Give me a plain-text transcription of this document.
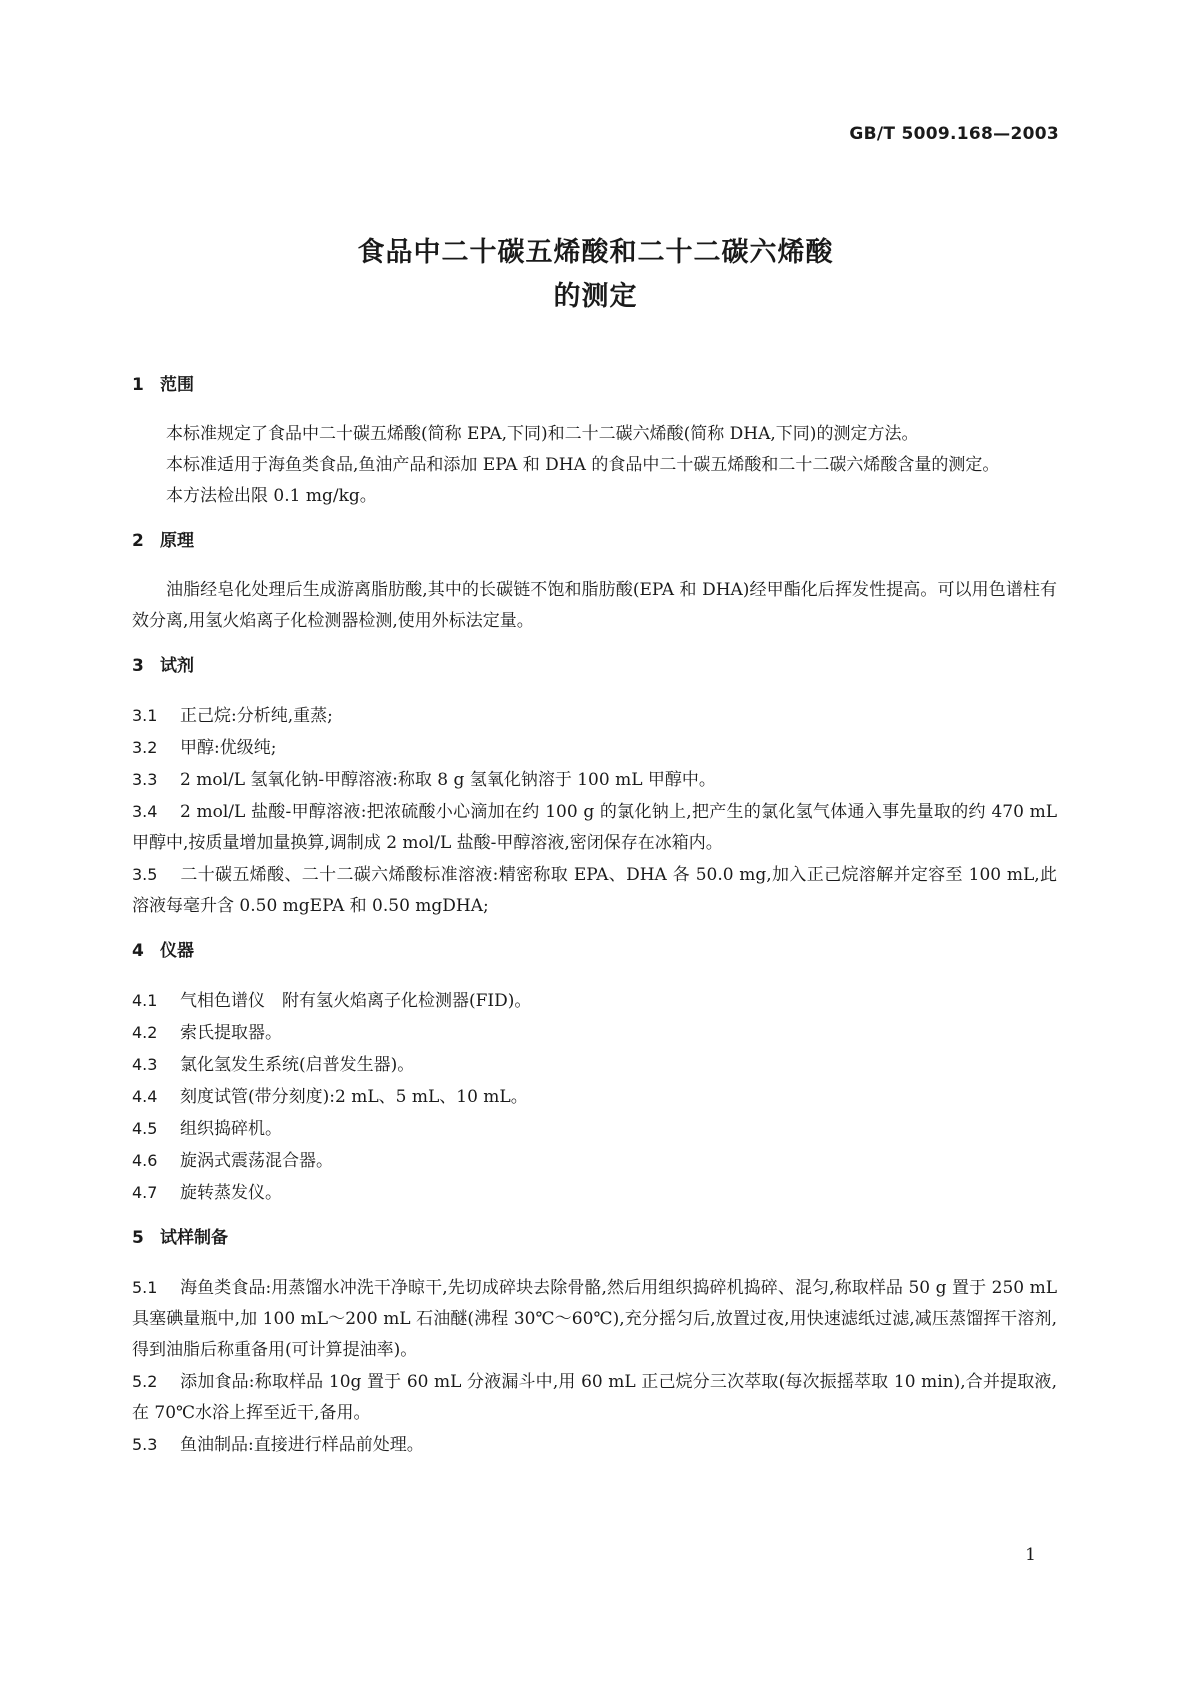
GB/T 5009.168—2003
食品中二十碳五烯酸和二十二碳六烯酸
的测定
1 范围
本标准规定了食品中二十碳五烯酸(简称 EPA,下同)和二十二碳六烯酸(简称 DHA,下同)的测定方法。
本标准适用于海鱼类食品,鱼油产品和添加 EPA 和 DHA 的食品中二十碳五烯酸和二十二碳六烯酸含量的测定。
本方法检出限 0.1 mg/kg。
2 原理
油脂经皂化处理后生成游离脂肪酸,其中的长碳链不饱和脂肪酸(EPA 和 DHA)经甲酯化后挥发性提高。可以用色谱柱有效分离,用氢火焰离子化检测器检测,使用外标法定量。
3 试剂
3.1 正己烷:分析纯,重蒸;
3.2 甲醇:优级纯;
3.3 2 mol/L 氢氧化钠-甲醇溶液:称取 8 g 氢氧化钠溶于 100 mL 甲醇中。
3.4 2 mol/L 盐酸-甲醇溶液:把浓硫酸小心滴加在约 100 g 的氯化钠上,把产生的氯化氢气体通入事先量取的约 470 mL 甲醇中,按质量增加量换算,调制成 2 mol/L 盐酸-甲醇溶液,密闭保存在冰箱内。
3.5 二十碳五烯酸、二十二碳六烯酸标准溶液:精密称取 EPA、DHA 各 50.0 mg,加入正己烷溶解并定容至 100 mL,此溶液每毫升含 0.50 mgEPA 和 0.50 mgDHA;
4 仪器
4.1 气相色谱仪　附有氢火焰离子化检测器(FID)。
4.2 索氏提取器。
4.3 氯化氢发生系统(启普发生器)。
4.4 刻度试管(带分刻度):2 mL、5 mL、10 mL。
4.5 组织捣碎机。
4.6 旋涡式震荡混合器。
4.7 旋转蒸发仪。
5 试样制备
5.1 海鱼类食品:用蒸馏水冲洗干净晾干,先切成碎块去除骨骼,然后用组织捣碎机捣碎、混匀,称取样品 50 g 置于 250 mL 具塞碘量瓶中,加 100 mL～200 mL 石油醚(沸程 30℃～60℃),充分摇匀后,放置过夜,用快速滤纸过滤,减压蒸馏挥干溶剂,得到油脂后称重备用(可计算提油率)。
5.2 添加食品:称取样品 10g 置于 60 mL 分液漏斗中,用 60 mL 正己烷分三次萃取(每次振摇萃取 10 min),合并提取液,在 70℃水浴上挥至近干,备用。
5.3 鱼油制品:直接进行样品前处理。
1
